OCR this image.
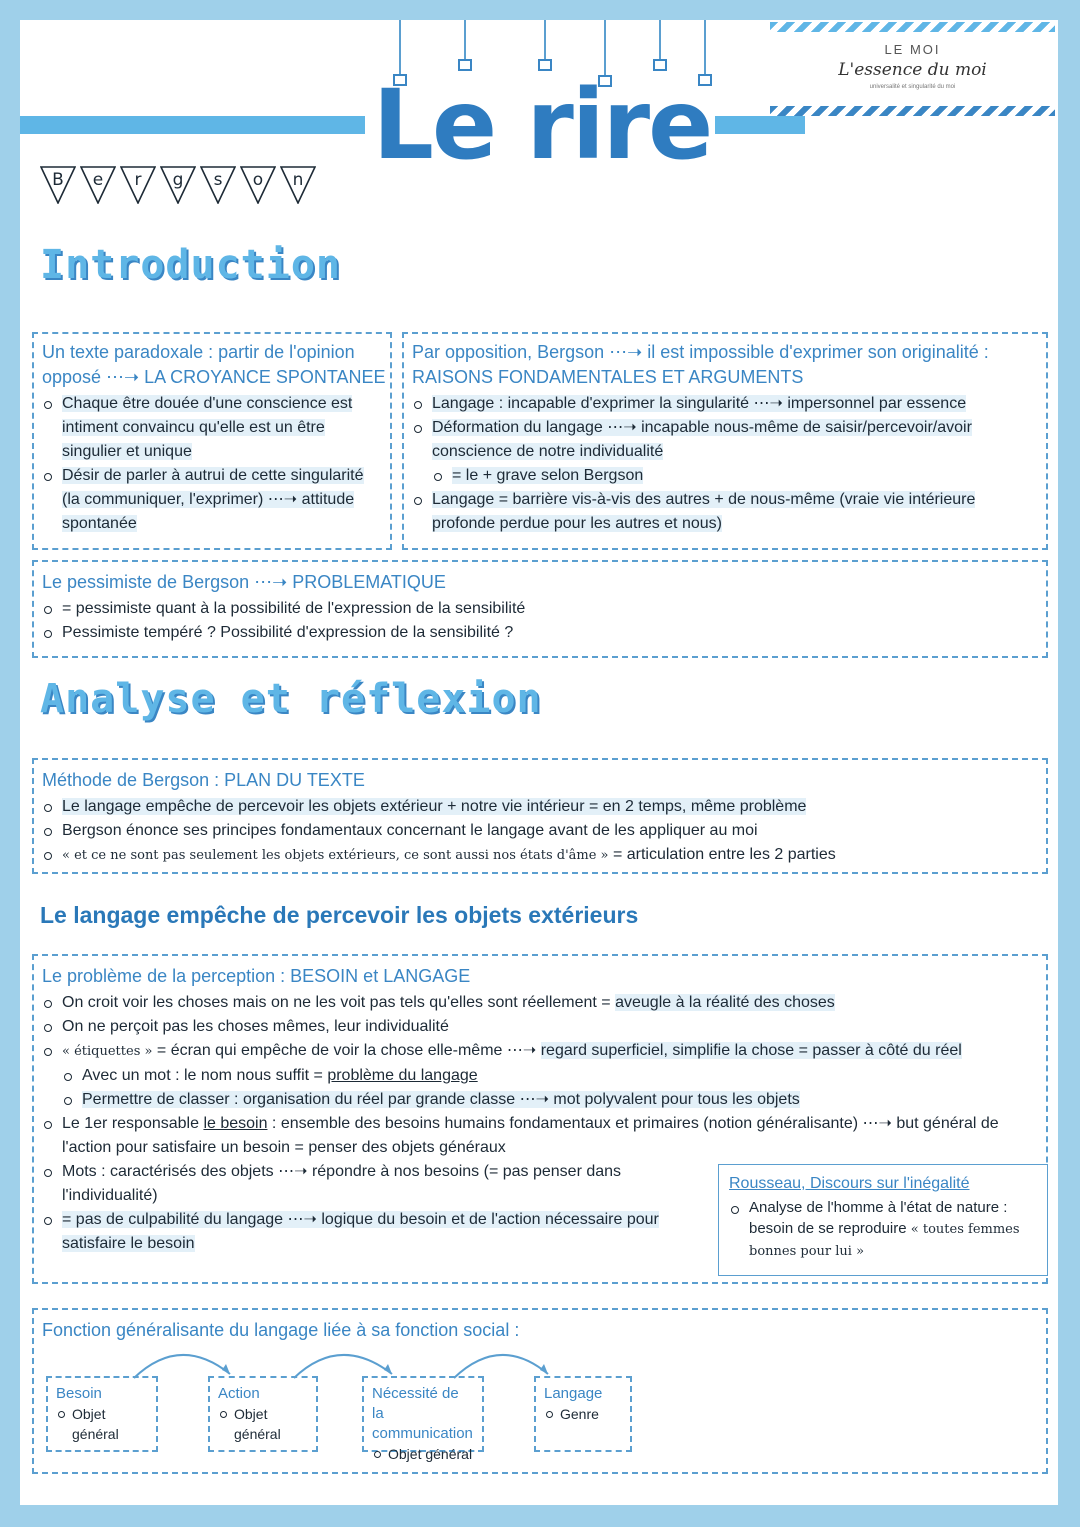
Le rire
LE MOI
L'essence du moi
universalité et singularité du moi
B	e	r	g	s	o	n
Introduction
Un texte paradoxale : partir de l'opinion
opposé ⋯➝ LA CROYANCE SPONTANEE
Chaque être douée d'une conscience est intiment convaincu qu'elle est un être singulier et unique
Désir de parler à autrui de cette singularité (la communiquer, l'exprimer) ⋯➝ attitude spontanée
Par opposition, Bergson ⋯➝ il est impossible d'exprimer son originalité :
RAISONS FONDAMENTALES ET ARGUMENTS
Langage : incapable d'exprimer la singularité ⋯➝ impersonnel par essence
Déformation du langage ⋯➝ incapable nous-même de saisir/percevoir/avoir conscience de notre individualité
= le + grave selon Bergson
Langage = barrière vis-à-vis des autres + de nous-même (vraie vie intérieure profonde perdue pour les autres et nous)
Le pessimiste de Bergson ⋯➝ PROBLEMATIQUE
= pessimiste quant à la possibilité de l'expression de la sensibilité
Pessimiste tempéré ? Possibilité d'expression de la sensibilité ?
Analyse et réflexion
Méthode de Bergson : PLAN DU TEXTE
Le langage empêche de percevoir les objets extérieur + notre vie intérieur = en 2 temps, même problème
Bergson énonce ses principes fondamentaux concernant le langage avant de les appliquer au moi
« et ce ne sont pas seulement les objets extérieurs, ce sont aussi nos états d'âme » = articulation entre les 2 parties
Le langage empêche de percevoir les objets extérieurs
Le problème de la perception : BESOIN et LANGAGE
On croit voir les choses mais on ne les voit pas tels qu'elles sont réellement = aveugle à la réalité des choses
On ne perçoit pas les choses mêmes, leur individualité
« étiquettes » = écran qui empêche de voir la chose elle-même ⋯➝ regard superficiel, simplifie la chose = passer à côté du réel
Avec un mot : le nom nous suffit = problème du langage
Permettre de classer : organisation du réel par grande classe ⋯➝ mot polyvalent pour tous les objets
Le 1er responsable le besoin : ensemble des besoins humains fondamentaux et primaires (notion généralisante) ⋯➝ but général de l'action pour satisfaire un besoin = penser des objets généraux
Mots : caractérisés des objets ⋯➝ répondre à nos besoins (= pas penser dans l'individualité)
= pas de culpabilité du langage ⋯➝ logique du besoin et de l'action nécessaire pour satisfaire le besoin
Rousseau, Discours sur l'inégalité
Analyse de l'homme à l'état de nature : besoin de se reproduire « toutes femmes bonnes pour lui »
Fonction généralisante du langage liée à sa fonction social :
Besoin
Objet général
Action
Objet général
Nécessité de la communication
Objet général
Langage
Genre
